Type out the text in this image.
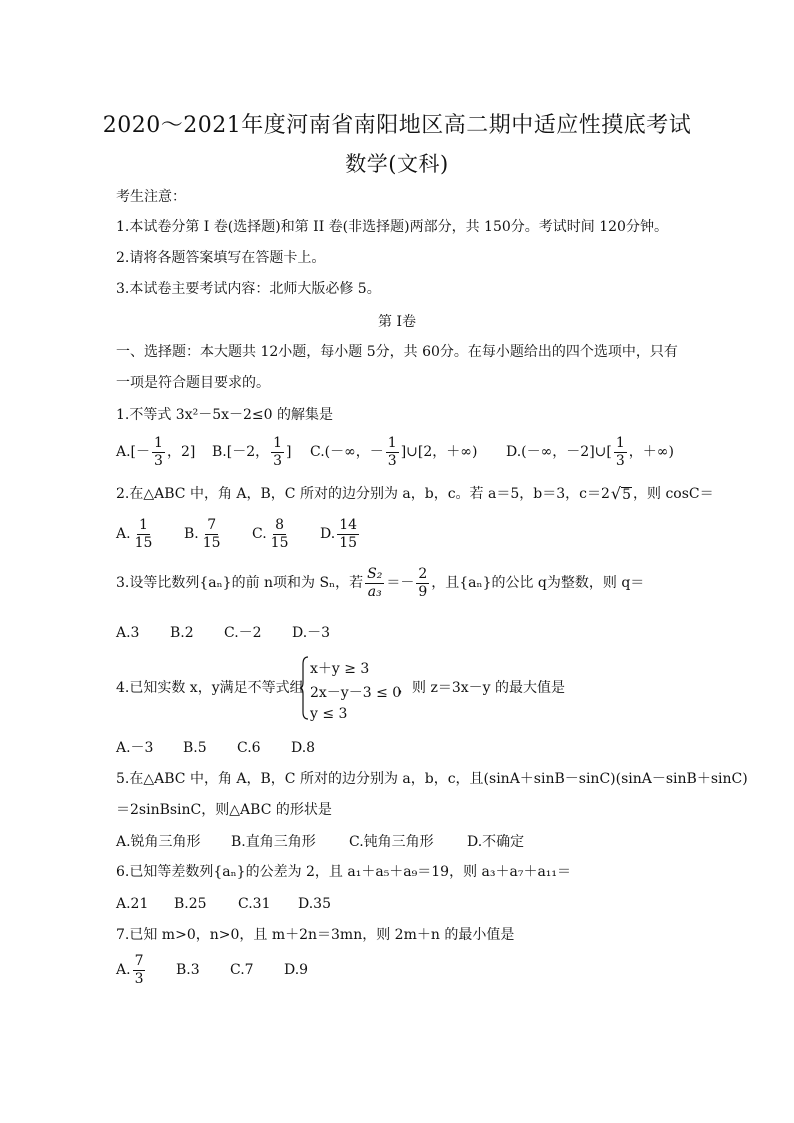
2020～2021年度河南省南阳地区高二期中适应性摸底考试
数学(文科)
考生注意：
1.本试卷分第 I 卷(选择题)和第 II 卷(非选择题)两部分，共 150分。考试时间 120分钟。
2.请将各题答案填写在答题卡上。
3.本试卷主要考试内容：北师大版必修 5。
第 I卷
一、选择题：本大题共 12小题，每小题 5分，共 60分。在每小题给出的四个选项中，只有
一项是符合题目要求的。
1.不等式 3x²－5x－2≤0 的解集是
$A.[- \frac{1}{3}$ ，2] B.[－2， $\frac{1}{3}$ ] C.(－∞，－ $\frac{1}{3}$ ]∪[2，＋∞) D.(－∞，－2]∪[ $\frac{1}{3}$ ，＋∞)
2.在△ABC 中，角 A，B，C 所对的边分别为 a，b，c。若 a＝5，b＝3，c＝2 √ 5 ，则 cosC＝
A. $\frac{1}{15} B$. $\frac{7}{15} C$. $\frac{8}{15} D$. $\frac{14}{15}$
3.设等比数列{aₙ}的前 n项和为 Sₙ，若 $\frac{\text{S₂}}{\text{a₃}} =- \frac{2}{9}$ ，且{aₙ}的公比 q为整数，则 q＝
A.3	B.2	C.－2	D.－3
4.已知实数 x，y满足不等式组
x＋y ≥ 3
2x－y－3 ≤ 0
y ≤ 3
，则 z＝3x－y 的最大值是
A.－3	B.5	C.6	D.8
5.在△ABC 中，角 A，B，C 所对的边分别为 a，b，c，且(sinA＋sinB－sinC)(sinA－sinB＋sinC)
＝2sinBsinC，则△ABC 的形状是
A.锐角三角形	B.直角三角形	C.钝角三角形	D.不确定
6.已知等差数列{aₙ}的公差为 2，且 a₁＋a₅＋a₉＝19，则 a₃＋a₇＋a₁₁＝
A.21	B.25	C.31	D.35
7.已知 m>0，n>0，且 m＋2n＝3mn，则 2m＋n 的最小值是
A. $\frac{7}{3} B.3$	C.7	D.9
